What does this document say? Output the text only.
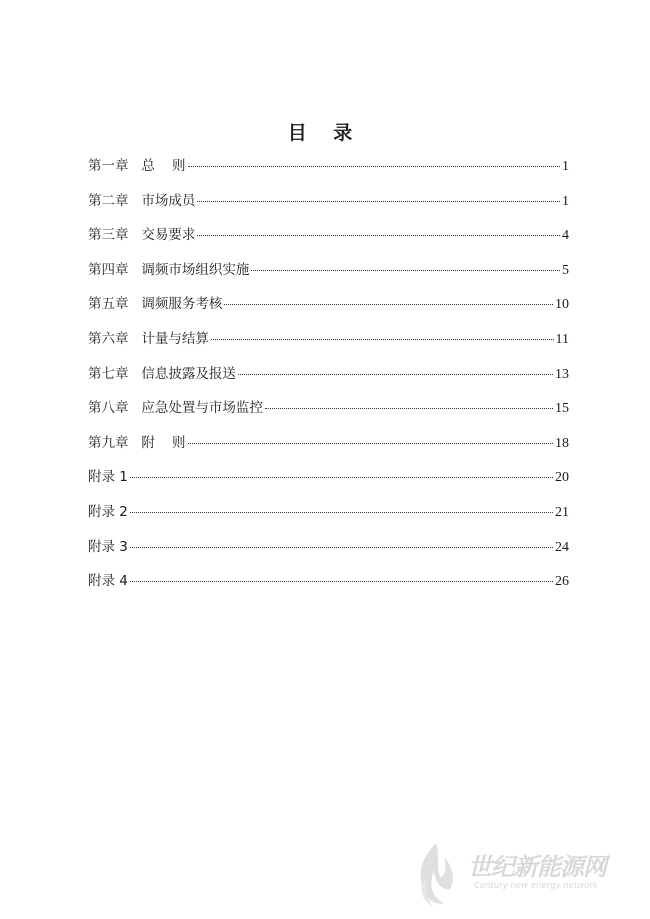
目 录
第一章   总    则	1
第二章   市场成员	1
第三章   交易要求	4
第四章   调频市场组织实施	5
第五章   调频服务考核	10
第六章   计量与结算	11
第七章   信息披露及报送	13
第八章   应急处置与市场监控	15
第九章   附    则	18
附录 1	20
附录 2	21
附录 3	24
附录 4	26
世纪新能源网
Century new energy network
